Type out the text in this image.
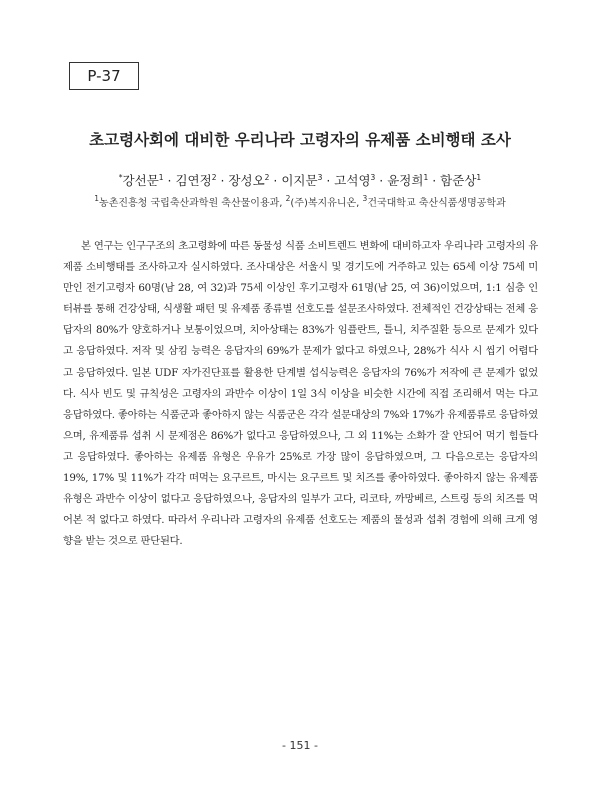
P-37
초고령사회에 대비한 우리나라 고령자의 유제품 소비행태 조사
*강선문$^1$ · 김연정$^2$ · 장성오$^2$ · 이지문$^3$ · 고석영$^3$ · 윤정희$^1$ · 함준상$^1$
$^1$농촌진흥청 국립축산과학원 축산물이용과, $^2$(주)복지유니온, $^3$건국대학교 축산식품생명공학과

본 연구는 인구구조의 초고령화에 따른 동물성 식품 소비트렌드 변화에 대비하고자 우리나라 고령자의 유제품 소비행태를 조사하고자 실시하였다. 조사대상은 서울시 및 경기도에 거주하고 있는 65세 이상 75세 미만인 전기고령자 60명(남 28, 여 32)과 75세 이상인 후기고령자 61명(남 25, 여 36)이었으며, 1:1 심층 인터뷰를 통해 건강상태, 식생활 패턴 및 유제품 종류별 선호도를 설문조사하였다. 전체적인 건강상태는 전체 응답자의 80%가 양호하거나 보통이었으며, 치아상태는 83%가 임플란트, 틀니, 치주질환 등으로 문제가 있다고 응답하였다. 저작 및 삼킴 능력은 응답자의 69%가 문제가 없다고 하였으나, 28%가 식사 시 씹기 어렵다고 응답하였다. 일본 UDF 자가진단표를 활용한 단계별 섭식능력은 응답자의 76%가 저작에 큰 문제가 없었다. 식사 빈도 및 규칙성은 고령자의 과반수 이상이 1일 3식 이상을 비슷한 시간에 직접 조리해서 먹는 다고 응답하였다. 좋아하는 식품군과 좋아하지 않는 식품군은 각각 설문대상의 7%와 17%가 유제품류로 응답하였으며, 유제품류 섭취 시 문제점은 86%가 없다고 응답하였으나, 그 외 11%는 소화가 잘 안되어 먹기 힘들다고 응답하였다. 좋아하는 유제품 유형은 우유가 25%로 가장 많이 응답하였으며, 그 다음으로는 응답자의 19%, 17% 및 11%가 각각 떠먹는 요구르트, 마시는 요구르트 및 치즈를 좋아하였다. 좋아하지 않는 유제품 유형은 과반수 이상이 없다고 응답하였으나, 응답자의 일부가 고다, 리코타, 까망베르, 스트링 등의 치즈를 먹어본 적 없다고 하였다. 따라서 우리나라 고령자의 유제품 선호도는 제품의 물성과 섭취 경험에 의해 크게 영향을 받는 것으로 판단된다.

- 151 -
